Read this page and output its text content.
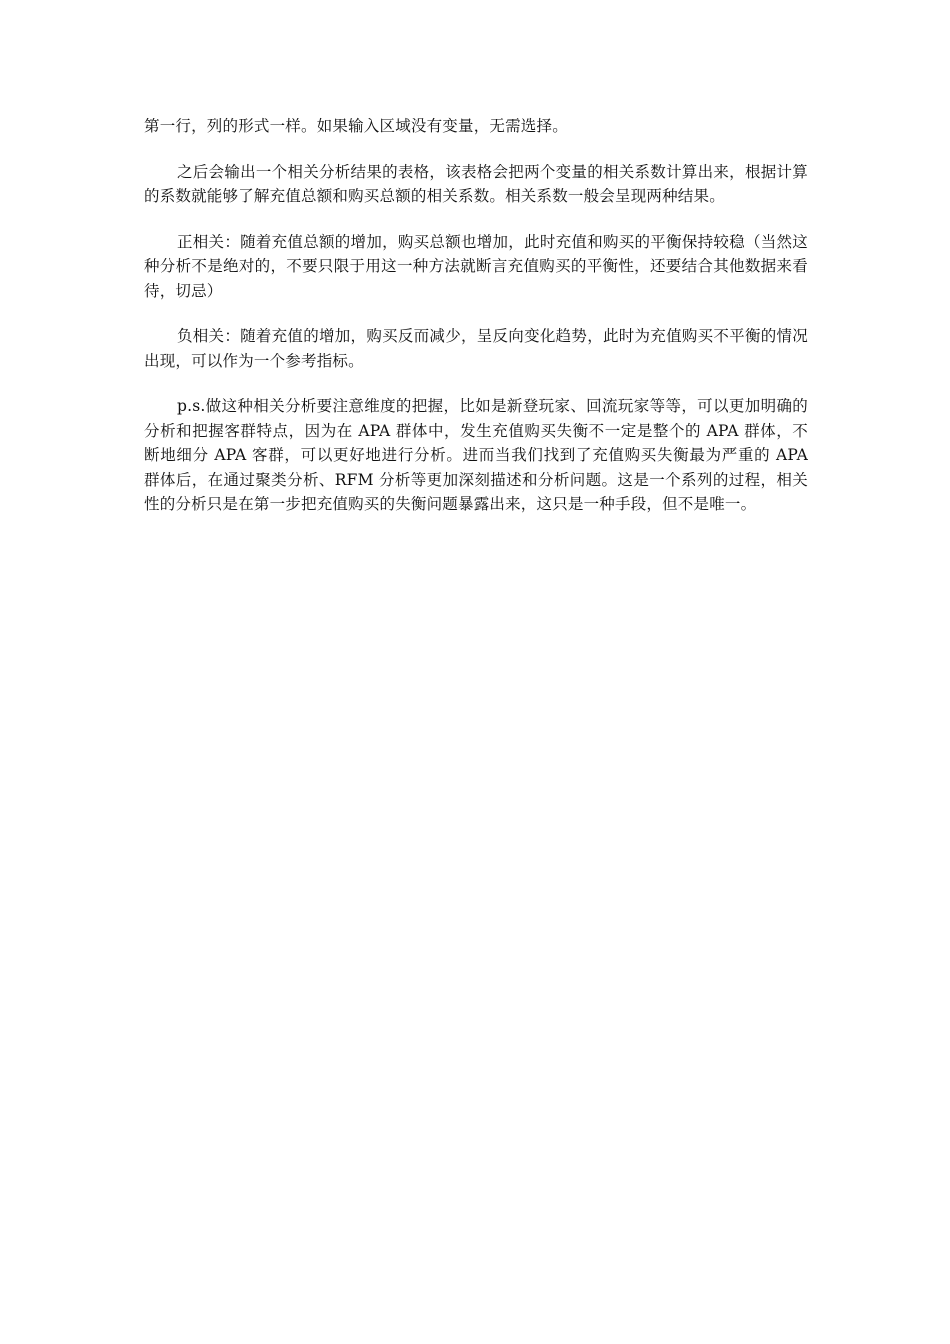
第一行，列的形式一样。如果输入区域没有变量，无需选择。

之后会输出一个相关分析结果的表格，该表格会把两个变量的相关系数计算出来，根据计算的系数就能够了解充值总额和购买总额的相关系数。相关系数一般会呈现两种结果。

正相关：随着充值总额的增加，购买总额也增加，此时充值和购买的平衡保持较稳（当然这种分析不是绝对的，不要只限于用这一种方法就断言充值购买的平衡性，还要结合其他数据来看待，切忌）

负相关：随着充值的增加，购买反而减少，呈反向变化趋势，此时为充值购买不平衡的情况出现，可以作为一个参考指标。

p.s.做这种相关分析要注意维度的把握，比如是新登玩家、回流玩家等等，可以更加明确的分析和把握客群特点，因为在 APA 群体中，发生充值购买失衡不一定是整个的 APA 群体，不断地细分 APA 客群，可以更好地进行分析。进而当我们找到了充值购买失衡最为严重的 APA 群体后，在通过聚类分析、RFM 分析等更加深刻描述和分析问题。这是一个系列的过程，相关性的分析只是在第一步把充值购买的失衡问题暴露出来，这只是一种手段，但不是唯一。
